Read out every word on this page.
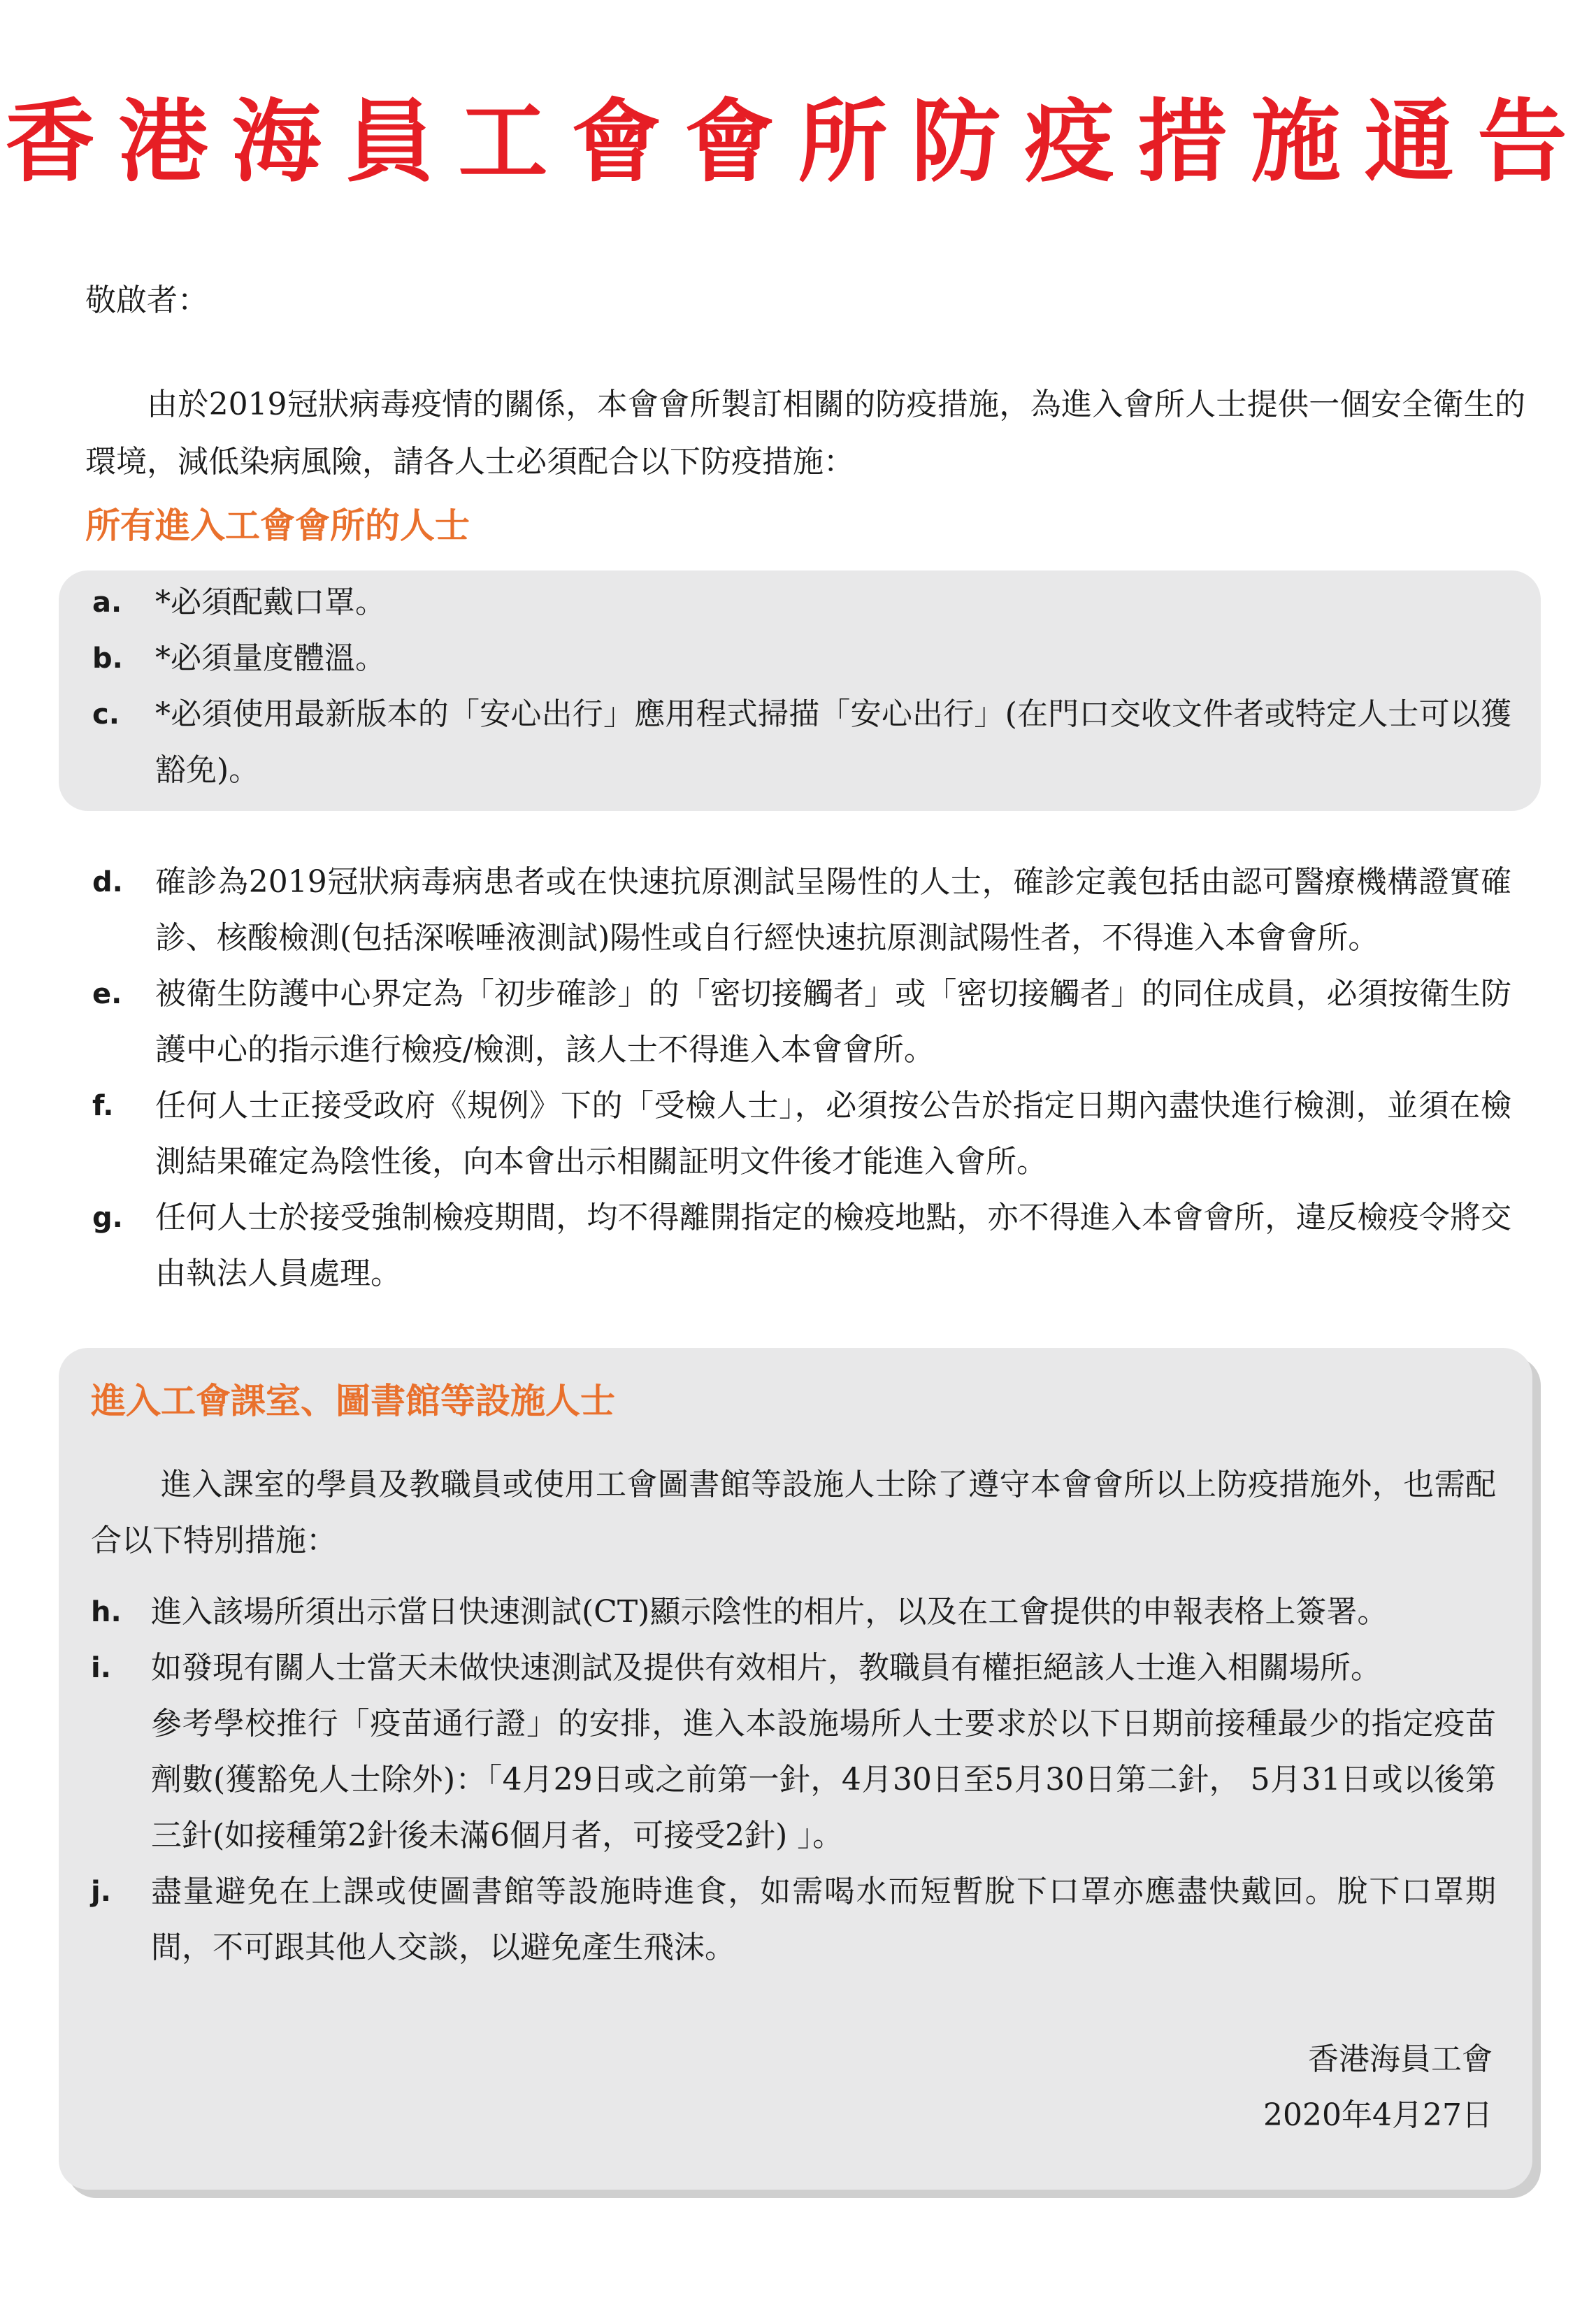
香港海員工會會所防疫措施通告
敬啟者：
由於2019冠狀病毒疫情的關係，本會會所製訂相關的防疫措施，為進入會所人士提供一個安全衛生的環境，減低染病風險，請各人士必須配合以下防疫措施：
所有進入工會會所的人士
a. *必須配戴口罩。
b. *必須量度體溫。
c. *必須使用最新版本的「安心出行」應用程式掃描「安心出行」(在門口交收文件者或特定人士可以獲豁免)。
d. 確診為2019冠狀病毒病患者或在快速抗原測試呈陽性的人士，確診定義包括由認可醫療機構證實確診、核酸檢測(包括深喉唾液測試)陽性或自行經快速抗原測試陽性者，不得進入本會會所。
e. 被衛生防護中心界定為「初步確診」的「密切接觸者」或「密切接觸者」的同住成員，必須按衛生防護中心的指示進行檢疫/檢測，該人士不得進入本會會所。
f. 任何人士正接受政府《規例》下的「受檢人士」，必須按公告於指定日期內盡快進行檢測，並須在檢測結果確定為陰性後，向本會出示相關証明文件後才能進入會所。
g. 任何人士於接受強制檢疫期間，均不得離開指定的檢疫地點，亦不得進入本會會所，違反檢疫令將交由執法人員處理。
進入工會課室、圖書館等設施人士
進入課室的學員及教職員或使用工會圖書館等設施人士除了遵守本會會所以上防疫措施外，也需配合以下特別措施：
h. 進入該場所須出示當日快速測試(CT)顯示陰性的相片，以及在工會提供的申報表格上簽署。
i. 如發現有關人士當天未做快速測試及提供有效相片，教職員有權拒絕該人士進入相關場所。
參考學校推行「疫苗通行證」的安排，進入本設施場所人士要求於以下日期前接種最少的指定疫苗劑數(獲豁免人士除外)：「4月29日或之前第一針，4月30日至5月30日第二針， 5月31日或以後第三針(如接種第2針後未滿6個月者，可接受2針) 」。
j. 盡量避免在上課或使圖書館等設施時進食，如需喝水而短暫脫下口罩亦應盡快戴回。脫下口罩期間，不可跟其他人交談，以避免產生飛沫。
香港海員工會
2020年4月27日
